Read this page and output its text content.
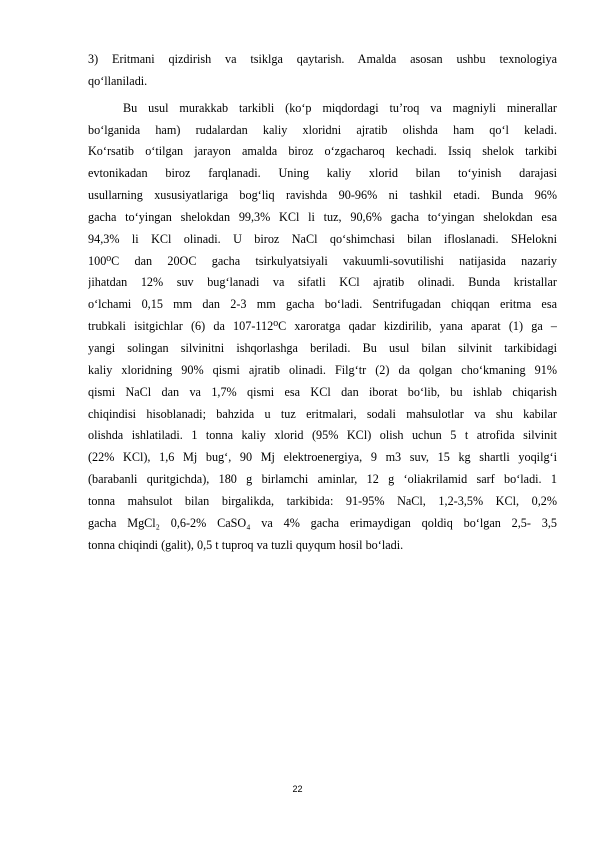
3) Eritmani qizdirish va tsiklga qaytarish. Amalda asosan ushbu texnologiya
qo‘llaniladi.
Bu usul murakkab tarkibli (ko‘p miqdordagi tu’roq va magniyli minerallar
bo‘lganida ham) rudalardan kaliy xloridni ajratib olishda ham qo‘l keladi.
Ko‘rsatib o‘tilgan jarayon amalda biroz o‘zgacharoq kechadi. Issiq shelok tarkibi
evtonikadan biroz farqlanadi. Uning kaliy xlorid bilan to‘yinish darajasi
usullarning xususiyatlariga bog‘liq ravishda 90-96% ni tashkil etadi. Bunda 96%
gacha to‘yingan shelokdan 99,3% KCl li tuz, 90,6% gacha to‘yingan shelokdan esa
94,3% li KCl olinadi. U biroz NaCl qo‘shimchasi bilan ifloslanadi. SHelokni
100⁰C dan 20OC gacha tsirkulyatsiyali vakuumli-sovutilishi natijasida nazariy
jihatdan 12% suv bug‘lanadi va sifatli KCl ajratib olinadi. Bunda kristallar
o‘lchami 0,15 mm dan 2-3 mm gacha bo‘ladi. Sentrifugadan chiqqan eritma esa
trubkali isitgichlar (6) da 107-112⁰C xaroratga qadar kizdirilib, yana aparat (1) ga –
yangi solingan silvinitni ishqorlashga beriladi. Bu usul bilan silvinit tarkibidagi
kaliy xloridning 90% qismi ajratib olinadi. Filg‘tr (2) da qolgan cho‘kmaning 91%
qismi NaCl dan va 1,7% qismi esa KCl dan iborat bo‘lib, bu ishlab chiqarish
chiqindisi hisoblanadi; bahzida u tuz eritmalari, sodali mahsulotlar va shu kabilar
olishda ishlatiladi. 1 tonna kaliy xlorid (95% KCl) olish uchun 5 t atrofida silvinit
(22% KCl), 1,6 Mj bug‘, 90 Mj elektroenergiya, 9 m3 suv, 15 kg shartli yoqilg‘i
(barabanli quritgichda), 180 g birlamchi aminlar, 12 g ‘oliakrilamid sarf bo‘ladi. 1
tonna mahsulot bilan birgalikda, tarkibida: 91-95% NaCl, 1,2-3,5% KCl, 0,2%
gacha MgCl₂ 0,6-2% CaSO₄ va 4% gacha erimaydigan qoldiq bo‘lgan 2,5- 3,5
tonna chiqindi (galit), 0,5 t tuproq va tuzli quyqum hosil bo‘ladi.
22
